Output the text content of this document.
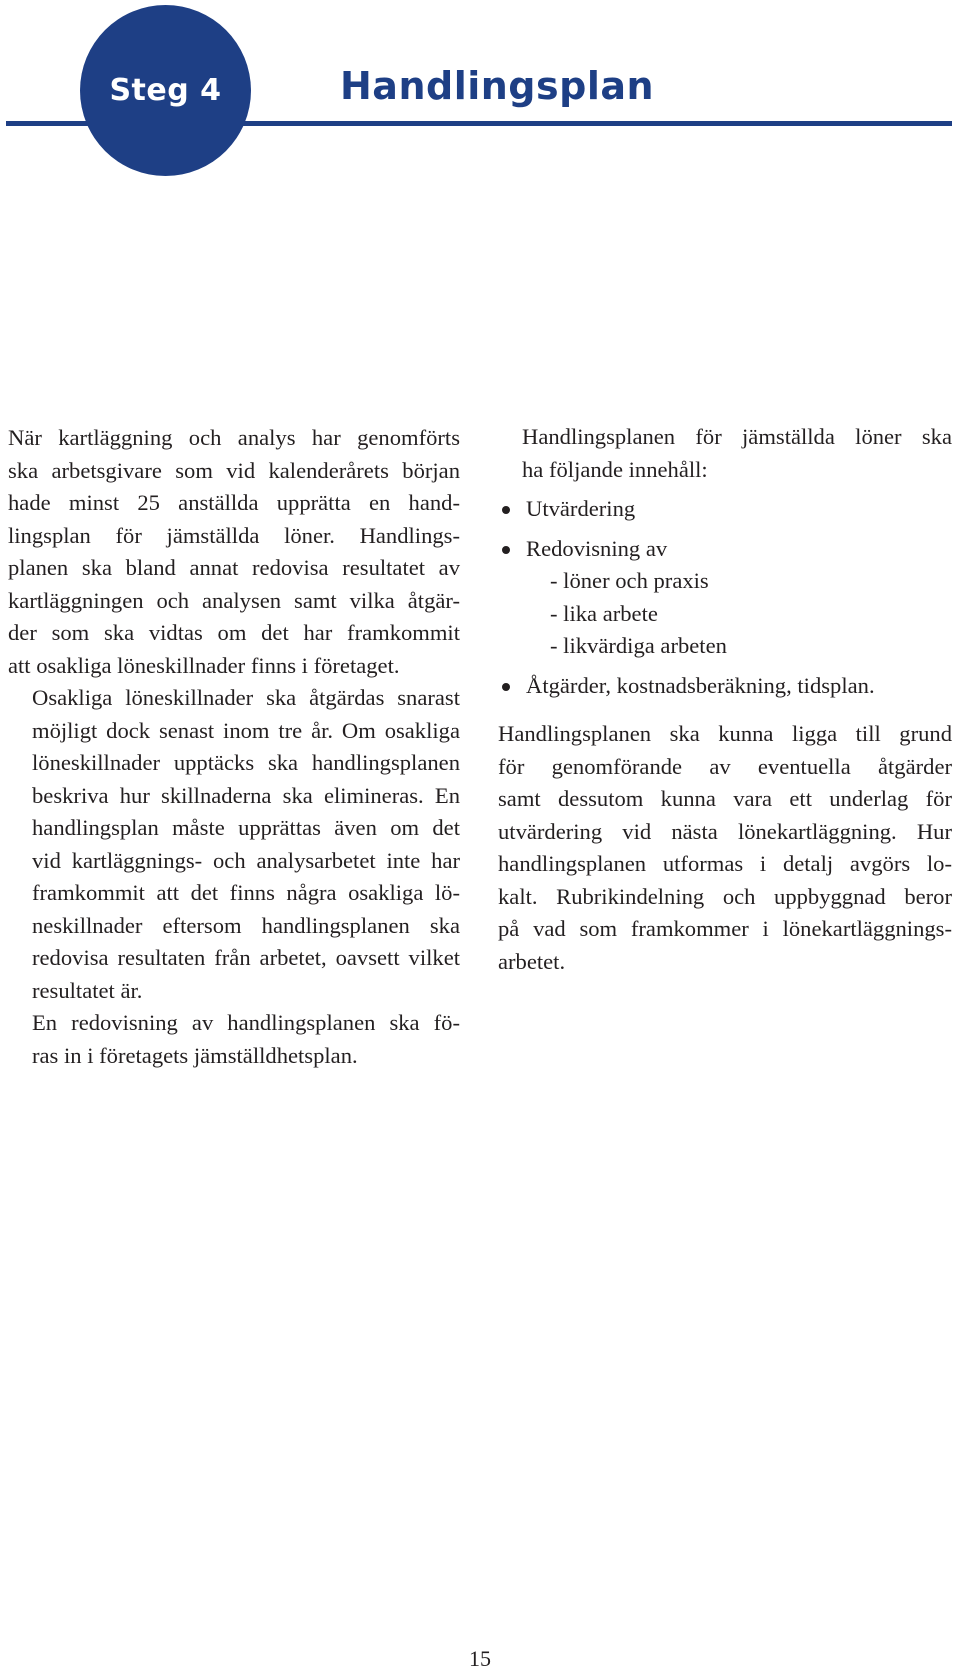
Steg 4	Handlingsplan

När kartläggning och analys har genomförts
ska arbetsgivare som vid kalenderårets början
hade minst 25 anställda upprätta en hand-
lingsplan för jämställda löner. Handlings-
planen ska bland annat redovisa resultatet av
kartläggningen och analysen samt vilka åtgär-
der som ska vidtas om det har framkommit
att osakliga löneskillnader finns i företaget.

Osakliga löneskillnader ska åtgärdas snarast
möjligt dock senast inom tre år. Om osakliga
löneskillnader upptäcks ska handlingsplanen
beskriva hur skillnaderna ska elimineras. En
handlingsplan måste upprättas även om det
vid kartläggnings- och analysarbetet inte har
framkommit att det finns några osakliga lö-
neskillnader eftersom handlingsplanen ska
redovisa resultaten från arbetet, oavsett vilket
resultatet är.

En redovisning av handlingsplanen ska fö-
ras in i företagets jämställdhetsplan.

Handlingsplanen för jämställda löner ska
ha följande innehåll:

Utvärdering
Redovisning av
- löner och praxis
- lika arbete
- likvärdiga arbeten
Åtgärder, kostnadsberäkning, tidsplan.

Handlingsplanen ska kunna ligga till grund
för genomförande av eventuella åtgärder
samt dessutom kunna vara ett underlag för
utvärdering vid nästa lönekartläggning. Hur
handlingsplanen utformas i detalj avgörs lo-
kalt. Rubrikindelning och uppbyggnad beror
på vad som framkommer i lönekartläggnings-
arbetet.

15
